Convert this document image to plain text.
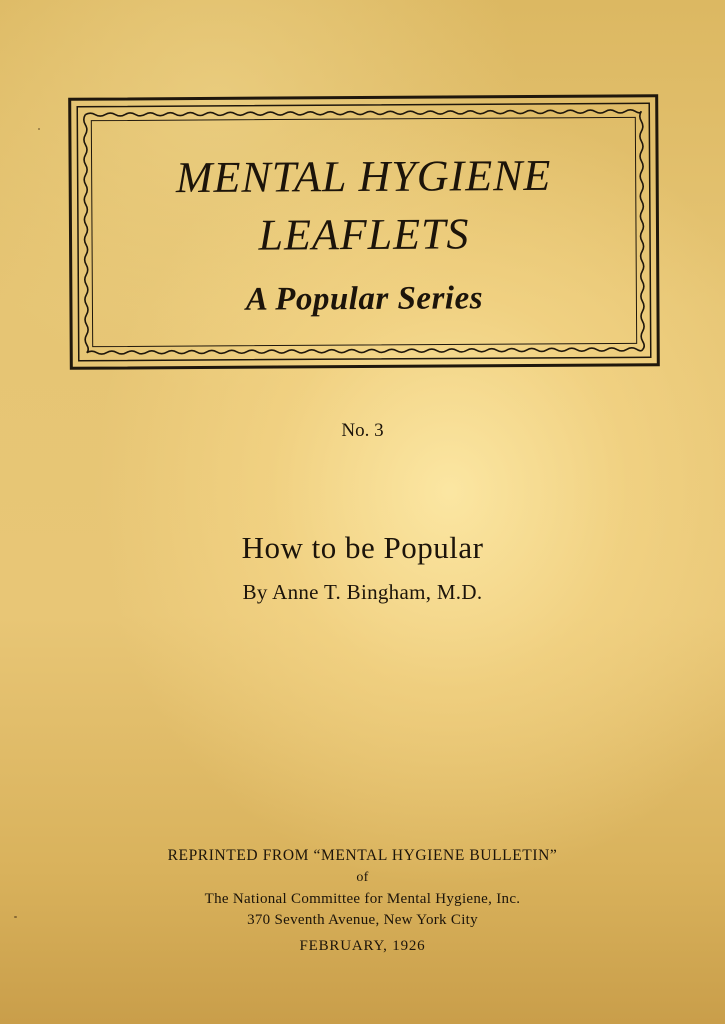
MENTAL HYGIENE
LEAFLETS
A Popular Series
No. 3
How to be Popular
By Anne T. Bingham, M.D.
REPRINTED FROM “MENTAL HYGIENE BULLETIN”
of
The National Committee for Mental Hygiene, Inc.
370 Seventh Avenue, New York City
FEBRUARY, 1926
